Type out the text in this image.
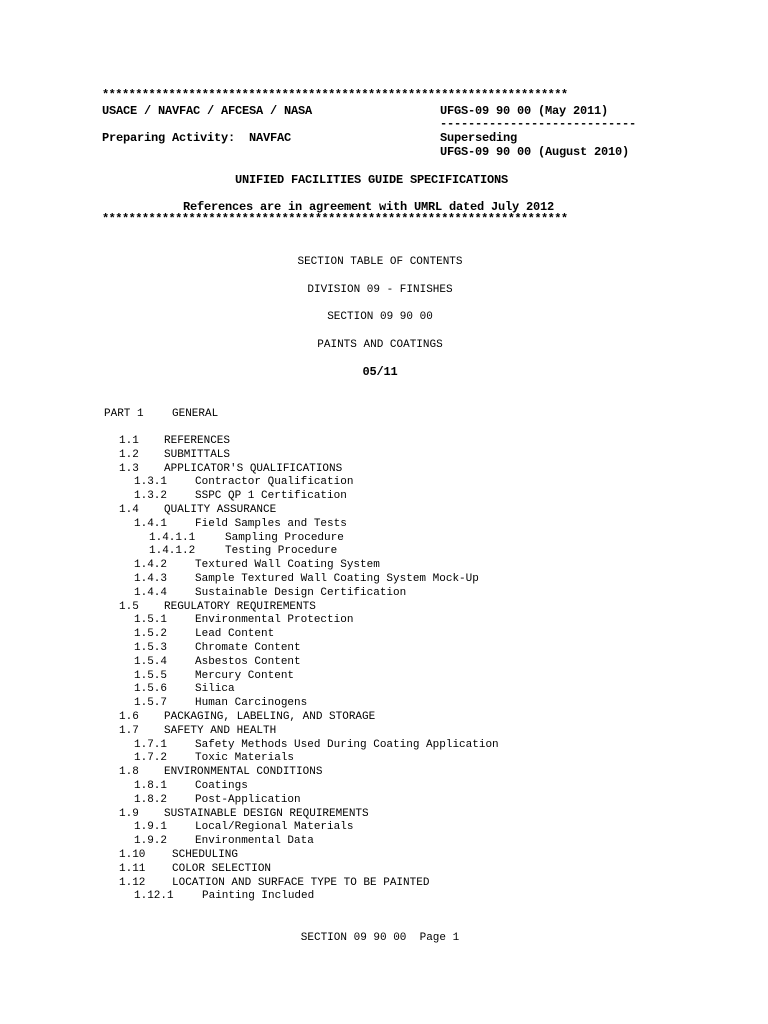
**********************************************************************
USACE / NAVFAC / AFCESA / NASA	UFGS-09 90 00 (May 2011)
----------------------------
Preparing Activity:  NAVFAC	Superseding
UFGS-09 90 00 (August 2010)
UNIFIED FACILITIES GUIDE SPECIFICATIONS
References are in agreement with UMRL dated July 2012
**********************************************************************
SECTION TABLE OF CONTENTS
DIVISION 09 - FINISHES
SECTION 09 90 00
PAINTS AND COATINGS
05/11
PART 1	GENERAL
1.1 REFERENCES
1.2 SUBMITTALS
1.3 APPLICATOR'S QUALIFICATIONS
1.3.1	Contractor Qualification
1.3.2	SSPC QP 1 Certification
1.4 QUALITY ASSURANCE
1.4.1	Field Samples and Tests
1.4.1.1	Sampling Procedure
1.4.1.2	Testing Procedure
1.4.2	Textured Wall Coating System
1.4.3	Sample Textured Wall Coating System Mock-Up
1.4.4	Sustainable Design Certification
1.5 REGULATORY REQUIREMENTS
1.5.1	Environmental Protection
1.5.2	Lead Content
1.5.3	Chromate Content
1.5.4	Asbestos Content
1.5.5	Mercury Content
1.5.6	Silica
1.5.7	Human Carcinogens
1.6 PACKAGING, LABELING, AND STORAGE
1.7 SAFETY AND HEALTH
1.7.1	Safety Methods Used During Coating Application
1.7.2	Toxic Materials
1.8 ENVIRONMENTAL CONDITIONS
1.8.1	Coatings
1.8.2	Post-Application
1.9 SUSTAINABLE DESIGN REQUIREMENTS
1.9.1	Local/Regional Materials
1.9.2	Environmental Data
1.10 SCHEDULING
1.11 COLOR SELECTION
1.12 LOCATION AND SURFACE TYPE TO BE PAINTED
1.12.1	Painting Included
SECTION 09 90 00  Page 1
